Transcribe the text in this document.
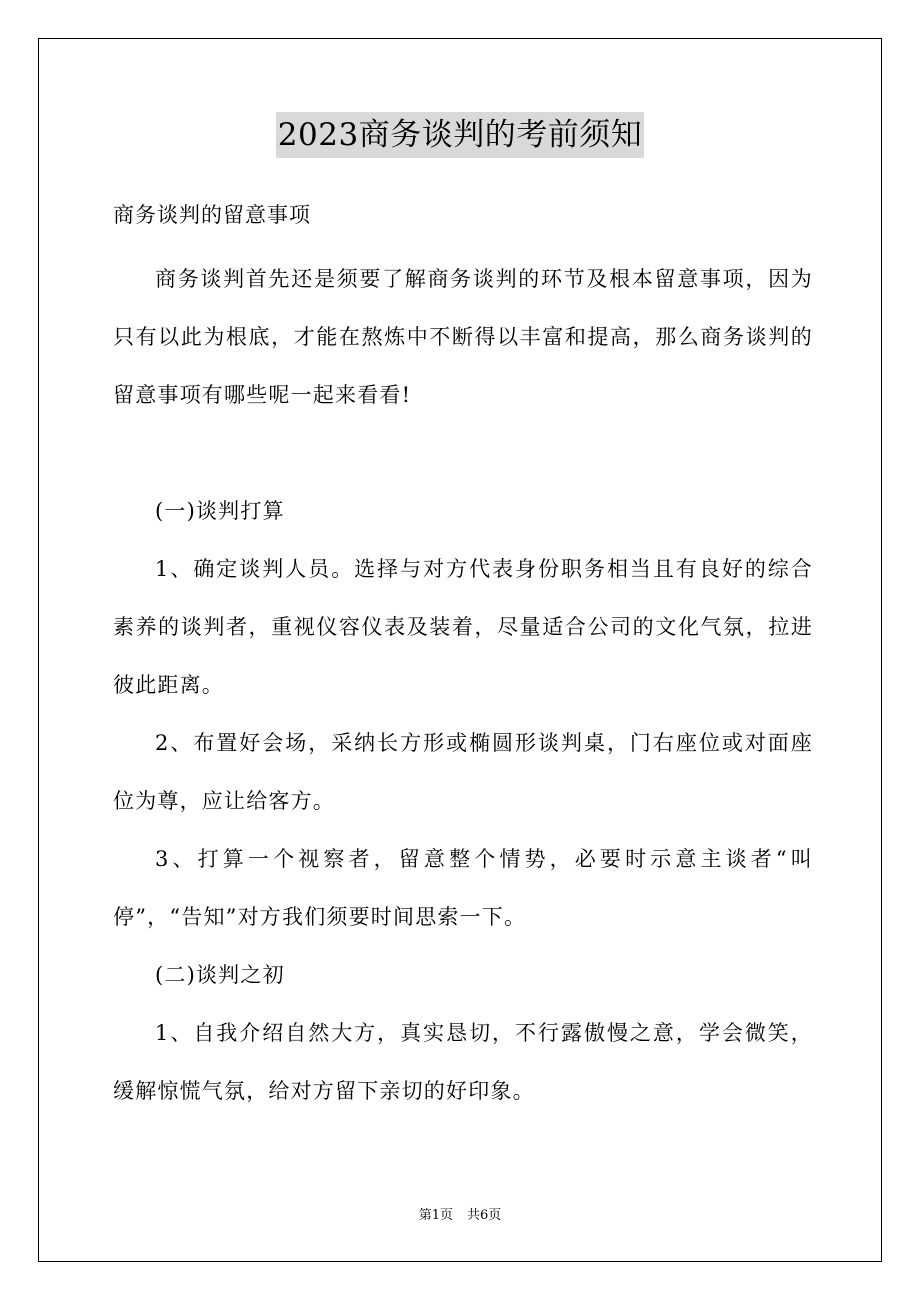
2023商务谈判的考前须知

商务谈判的留意事项

商务谈判首先还是须要了解商务谈判的环节及根本留意事项，因为只有以此为根底，才能在熬炼中不断得以丰富和提高，那么商务谈判的留意事项有哪些呢一起来看看!

(一)谈判打算

1、确定谈判人员。选择与对方代表身份职务相当且有良好的综合素养的谈判者，重视仪容仪表及装着，尽量适合公司的文化气氛，拉进彼此距离。

2、布置好会场，采纳长方形或椭圆形谈判桌，门右座位或对面座位为尊，应让给客方。

3、打算一个视察者，留意整个情势，必要时示意主谈者“叫停”，“告知”对方我们须要时间思索一下。

(二)谈判之初

1、自我介绍自然大方，真实恳切，不行露傲慢之意，学会微笑，缓解惊慌气氛，给对方留下亲切的好印象。

第1页 共6页
